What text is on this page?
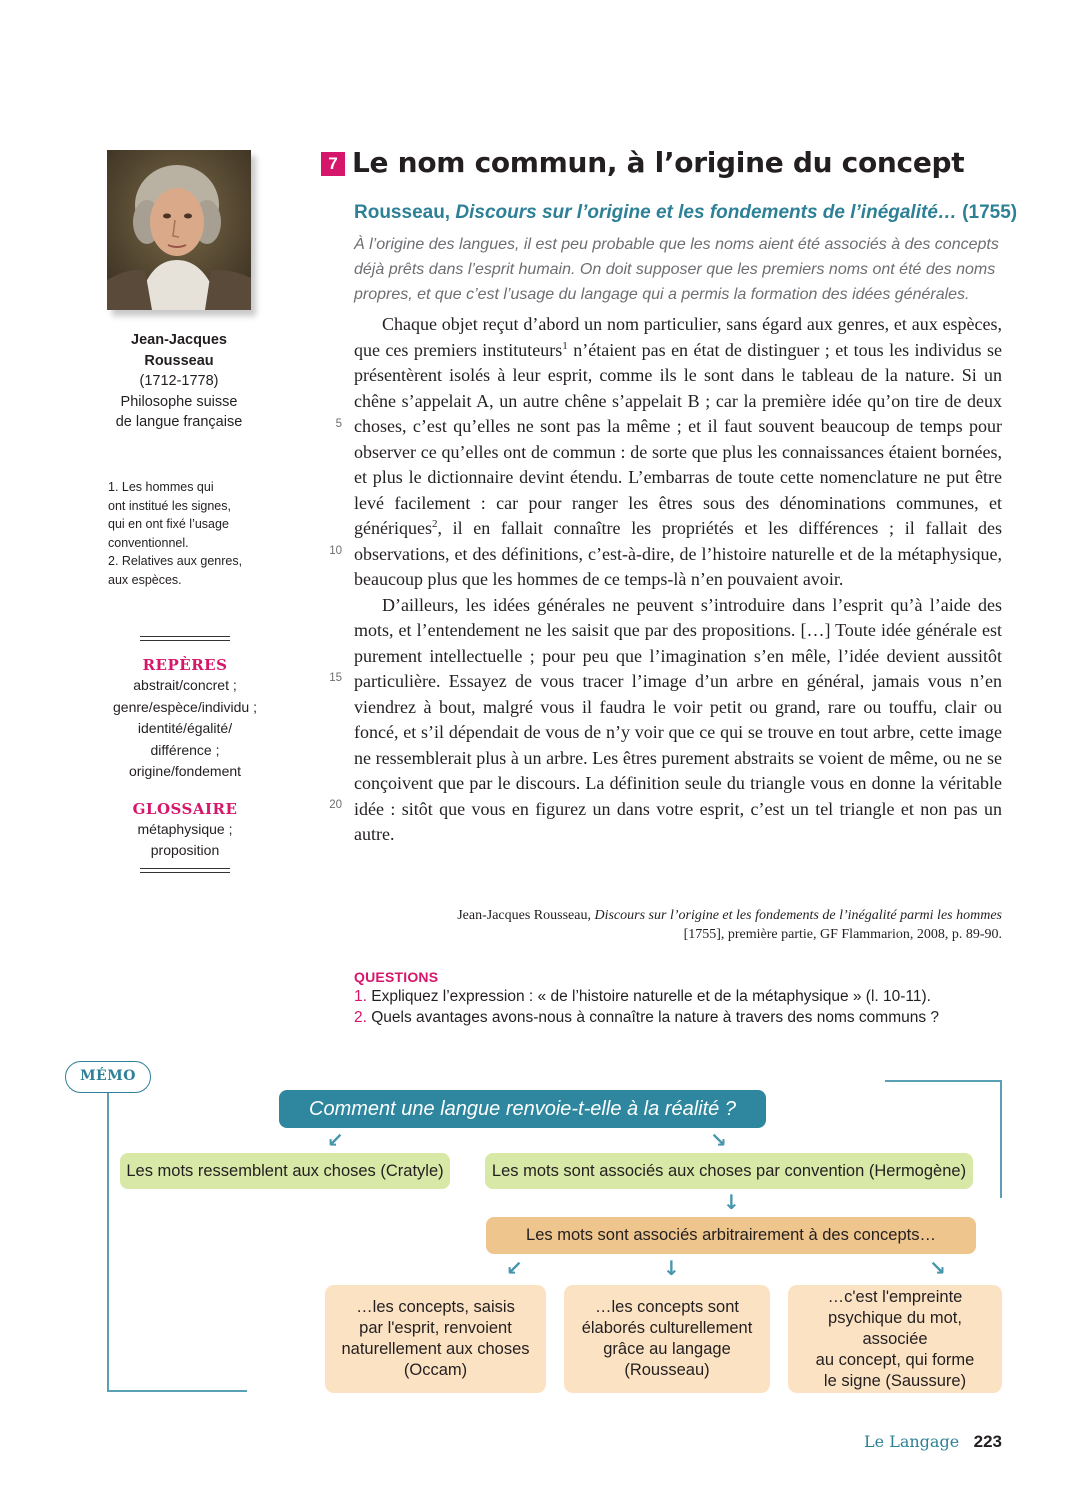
Jean-Jacques
Rousseau
(1712-1778)
Philosophe suisse
de langue française
1. Les hommes qui
ont institué les signes,
qui en ont fixé l’usage
conventionnel.
2. Relatives aux genres,
aux espèces.
REPÈRES
abstrait/concret ;
genre/espèce/individu ;
identité/égalité/
différence ;
origine/fondement
GLOSSAIRE
métaphysique ;
proposition
7 Le nom commun, à l’origine du concept
Rousseau, Discours sur l’origine et les fondements de l’inégalité… (1755)
À l’origine des langues, il est peu probable que les noms aient été associés à des concepts déjà prêts dans l’esprit humain. On doit supposer que les premiers noms ont été des noms propres, et que c’est l’usage du langage qui a permis la formation des idées générales.

Chaque objet reçut d’abord un nom particulier, sans égard aux genres, et aux espèces, que ces premiers instituteurs$^1$ n’étaient pas en état de distinguer ; et tous les individus se présentèrent isolés à leur esprit, comme ils le sont dans le tableau de la nature. Si un chêne s’appelait A, un autre chêne s’appelait B ; car la première idée qu’on tire de deux choses, c’est qu’elles ne sont pas la même ; et il faut souvent beaucoup de temps pour observer ce qu’elles ont de commun : de sorte que plus les connaissances étaient bornées, et plus le dictionnaire devint étendu. L’embarras de toute cette nomenclature ne put être levé facilement : car pour ranger les êtres sous des dénominations communes, et génériques$^2$, il en fallait connaître les propriétés et les différences ; il fallait des observations, et des définitions, c’est-à-dire, de l’histoire naturelle et de la métaphysique, beaucoup plus que les hommes de ce temps-là n’en pouvaient avoir.

D’ailleurs, les idées générales ne peuvent s’introduire dans l’esprit qu’à l’aide des mots, et l’entendement ne les saisit que par des propositions. […] Toute idée générale est purement intellectuelle ; pour peu que l’imagination s’en mêle, l’idée devient aussitôt particulière. Essayez de vous tracer l’image d’un arbre en général, jamais vous n’en viendrez à bout, malgré vous il faudra le voir petit ou grand, rare ou touffu, clair ou foncé, et s’il dépendait de vous de n’y voir que ce qui se trouve en tout arbre, cette image ne ressemblerait plus à un arbre. Les êtres purement abstraits se voient de même, ou ne se conçoivent que par le discours. La définition seule du triangle vous en donne la véritable idée : sitôt que vous en figurez un dans votre esprit, c’est un tel triangle et non pas un autre.

5
10
15
20
Jean-Jacques Rousseau, Discours sur l’origine et les fondements de l’inégalité parmi les hommes [1755], première partie, GF Flammarion, 2008, p. 89-90.
QUESTIONS
1. Expliquez l’expression : « de l’histoire naturelle et de la métaphysique » (l. 10-11).
2. Quels avantages avons-nous à connaître la nature à travers des noms communs ?
MÉMO
Comment une langue renvoie-t-elle à la réalité ?
↙	↘
Les mots ressemblent aux choses (Cratyle)	Les mots sont associés aux choses par convention (Hermogène)
↓
Les mots sont associés arbitrairement à des concepts…
↙	↓	↘
…les concepts, saisis
par l'esprit, renvoient
naturellement aux choses
(Occam)
…les concepts sont
élaborés culturellement
grâce au langage
(Rousseau)
…c'est l'empreinte
psychique du mot, associée
au concept, qui forme
le signe (Saussure)
Le Langage 223
